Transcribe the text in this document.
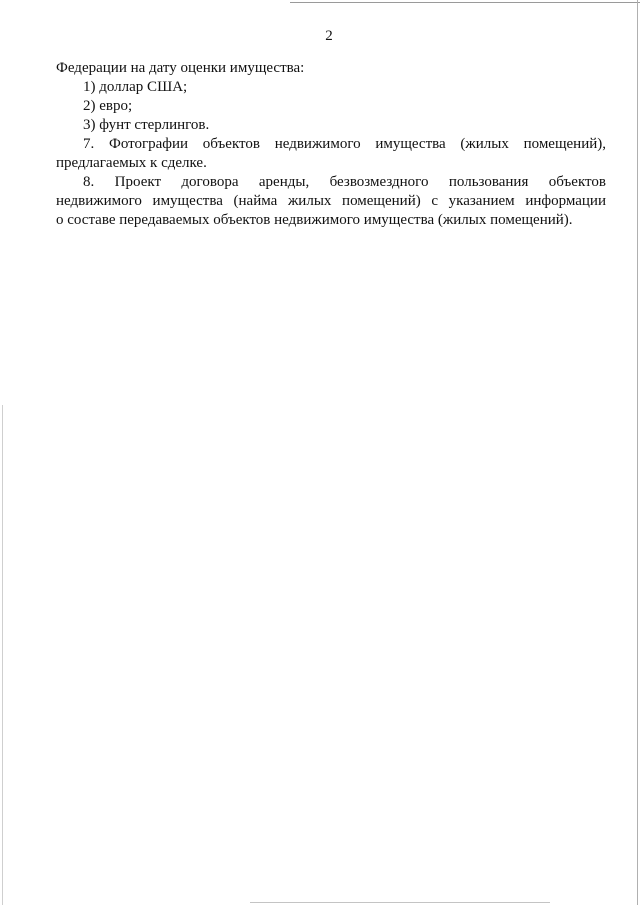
2
Федерации на дату оценки имущества:
1) доллар США;
2) евро;
3) фунт стерлингов.
7. Фотографии объектов недвижимого имущества (жилых помещений),
предлагаемых к сделке.
8. Проект договора аренды, безвозмездного пользования объектов
недвижимого имущества (найма жилых помещений) с указанием информации
о составе передаваемых объектов недвижимого имущества (жилых помещений).
